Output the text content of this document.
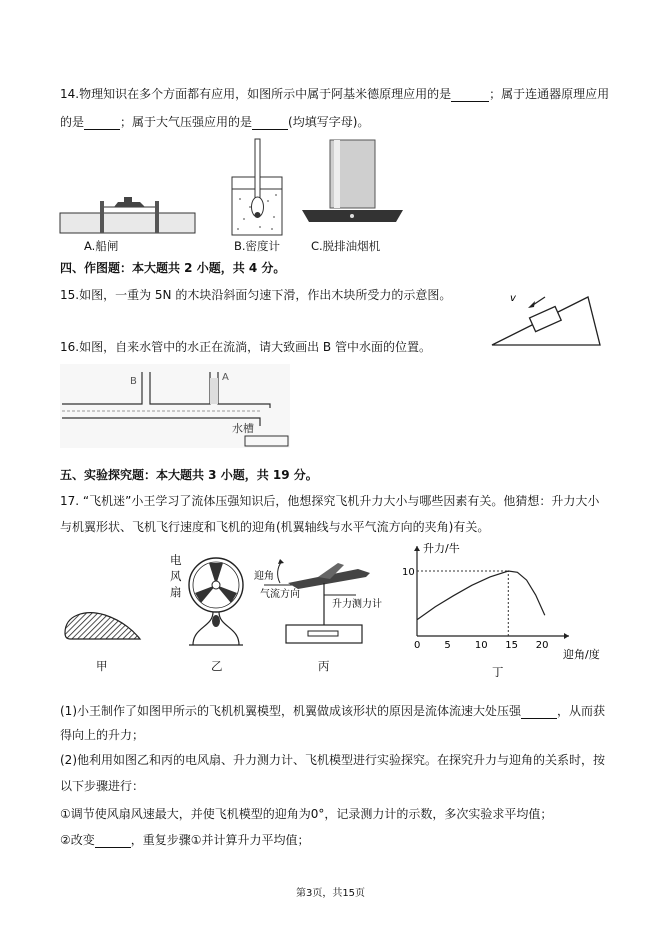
14.物理知识在多个方面都有应用，如图所示中属于阿基米德原理应用的是	；属于连通器原理应用
的是	；属于大气压强应用的是	(均填写字母)。
A.船闸	B.密度计	C.脱排油烟机
四、作图题：本大题共 2 小题，共 4 分。
15.如图，一重为 5N 的木块沿斜面匀速下滑，作出木块所受力的示意图。	v
16.如图，自来水管中的水正在流淌，请大致画出 B 管中水面的位置。
B	A
水槽
五、实验探究题：本大题共 3 小题，共 19 分。
17. “飞机迷”小王学习了流体压强知识后，他想探究飞机升力大小与哪些因素有关。他猜想：升力大小
与机翼形状、飞机飞行速度和飞机的迎角(机翼轴线与水平气流方向的夹角)有关。
甲
电
风
扇
乙
迎角
气流方向
升力测力计
丙
升力/牛
迎角/度
0 5 10 15 20
10
丁
(1)小王制作了如图甲所示的飞机机翼模型，机翼做成该形状的原因是流体流速大处压强	，从而获
得向上的升力；
(2)他利用如图乙和丙的电风扇、升力测力计、飞机模型进行实验探究。在探究升力与迎角的关系时，按
以下步骤进行：
①调节使风扇风速最大，并使飞机模型的迎角为0°，记录测力计的示数，多次实验求平均值；
②改变	，重复步骤①并计算升力平均值；
第3页，共15页
